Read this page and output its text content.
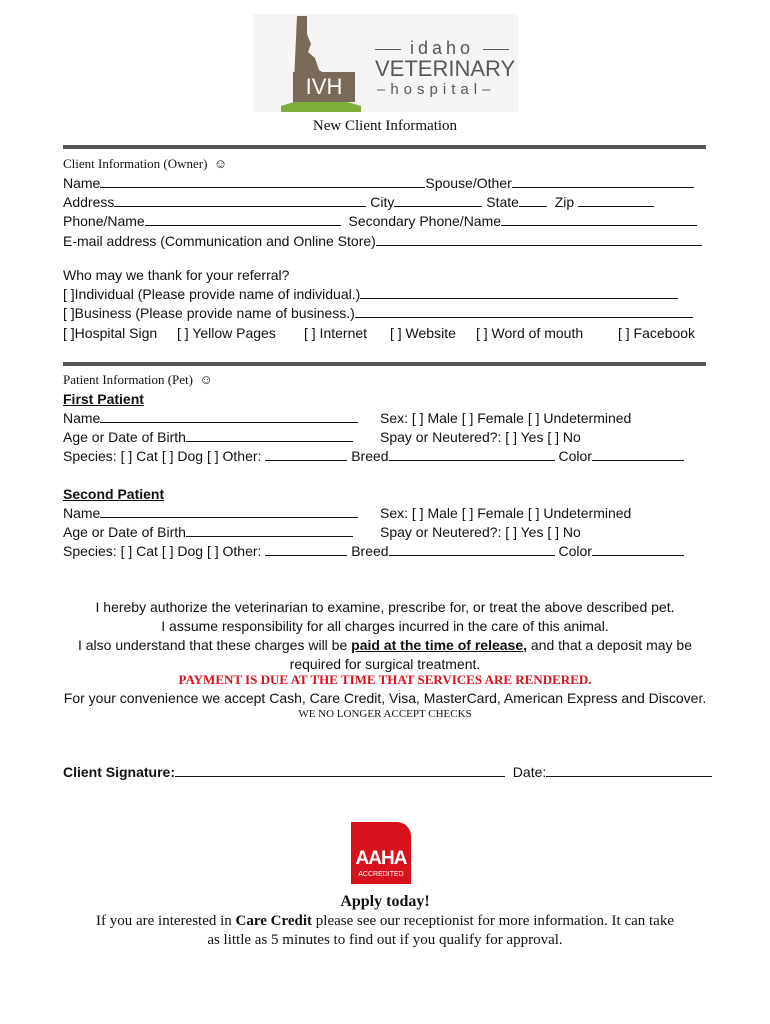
IVH
idaho
VETERINARY
–hospital–
New Client Information
Client Information (Owner) ☺
Name	Spouse/Other
Address	City	State	Zip
Phone/Name	Secondary Phone/Name
E-mail address (Communication and Online Store)
Who may we thank for your referral?
[ ]Individual (Please provide name of individual.)
[ ]Business (Please provide name of business.)
[ ]Hospital Sign [ ] Yellow Pages [ ] Internet [ ] Website [ ] Word of mouth [ ] Facebook
Patient Information (Pet) ☺
First Patient
Name	Sex: [ ] Male [ ] Female [ ] Undetermined
Age or Date of Birth	Spay or Neutered?: [ ] Yes [ ] No
Species: [ ] Cat [ ] Dog [ ] Other:	Breed	Color
Second Patient
Name	Sex: [ ] Male [ ] Female [ ] Undetermined
Age or Date of Birth	Spay or Neutered?: [ ] Yes [ ] No
Species: [ ] Cat [ ] Dog [ ] Other:	Breed	Color
I hereby authorize the veterinarian to examine, prescribe for, or treat the above described pet.
I assume responsibility for all charges incurred in the care of this animal.
I also understand that these charges will be paid at the time of release, and that a deposit may be
required for surgical treatment.
PAYMENT IS DUE AT THE TIME THAT SERVICES ARE RENDERED.
For your convenience we accept Cash, Care Credit, Visa, MasterCard, American Express and Discover.
WE NO LONGER ACCEPT CHECKS
Client Signature:	Date:
AAHA
ACCREDITED
Apply today!
If you are interested in Care Credit please see our receptionist for more information. It can take
as little as 5 minutes to find out if you qualify for approval.
